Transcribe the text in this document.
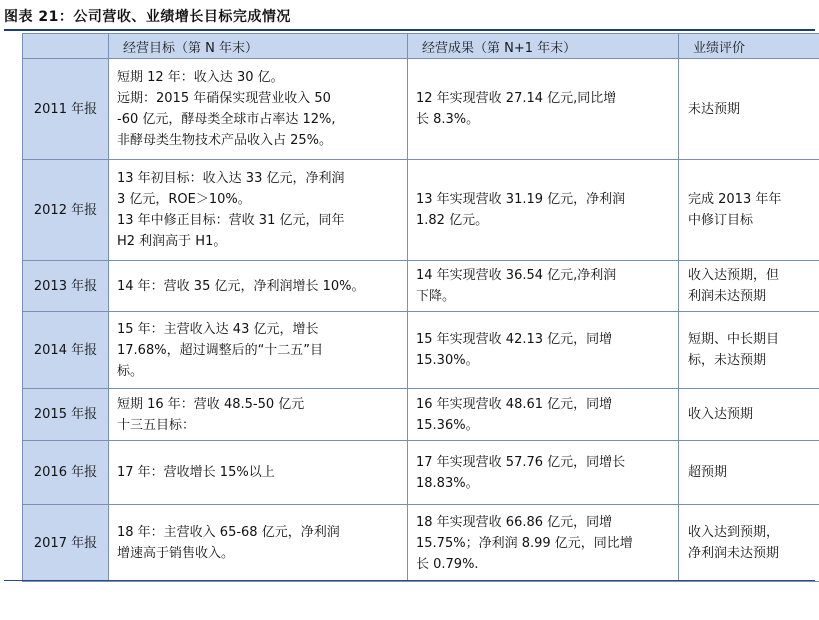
图表 21：公司营收、业绩增长目标完成情况
	经营目标（第 N 年末）	经营成果（第 N+1 年末）	业绩评价
2011 年报	短期 12 年：收入达 30 亿。
远期：2015 年硝保实现营业收入 50
-60 亿元，酵母类全球市占率达 12%,
非酵母类生物技术产品收入占 25%。	12 年实现营收 27.14 亿元,同比增
长 8.3%。	未达预期
2012 年报	13 年初目标：收入达 33 亿元，净利润
3 亿元，ROE＞10%。
13 年中修正目标：营收 31 亿元，同年
H2 利润高于 H1。	13 年实现营收 31.19 亿元，净利润
1.82 亿元。	完成 2013 年年
中修订目标
2013 年报	14 年：营收 35 亿元，净利润增长 10%。	14 年实现营收 36.54 亿元,净利润
下降。	收入达预期，但
利润未达预期
2014 年报	15 年：主营收入达 43 亿元，增长
17.68%，超过调整后的“十二五”目
标。	15 年实现营收 42.13 亿元，同增
15.30%。	短期、中长期目
标，未达预期
2015 年报	短期 16 年：营收 48.5-50 亿元
十三五目标：	16 年实现营收 48.61 亿元，同增
15.36%。	收入达预期
2016 年报	17 年：营收增长 15%以上	17 年实现营收 57.76 亿元，同增长
18.83%。	超预期
2017 年报	18 年：主营收入 65-68 亿元，净利润
增速高于销售收入。	18 年实现营收 66.86 亿元，同增
15.75%；净利润 8.99 亿元，同比增
长 0.79%.	收入达到预期，
净利润未达预期
